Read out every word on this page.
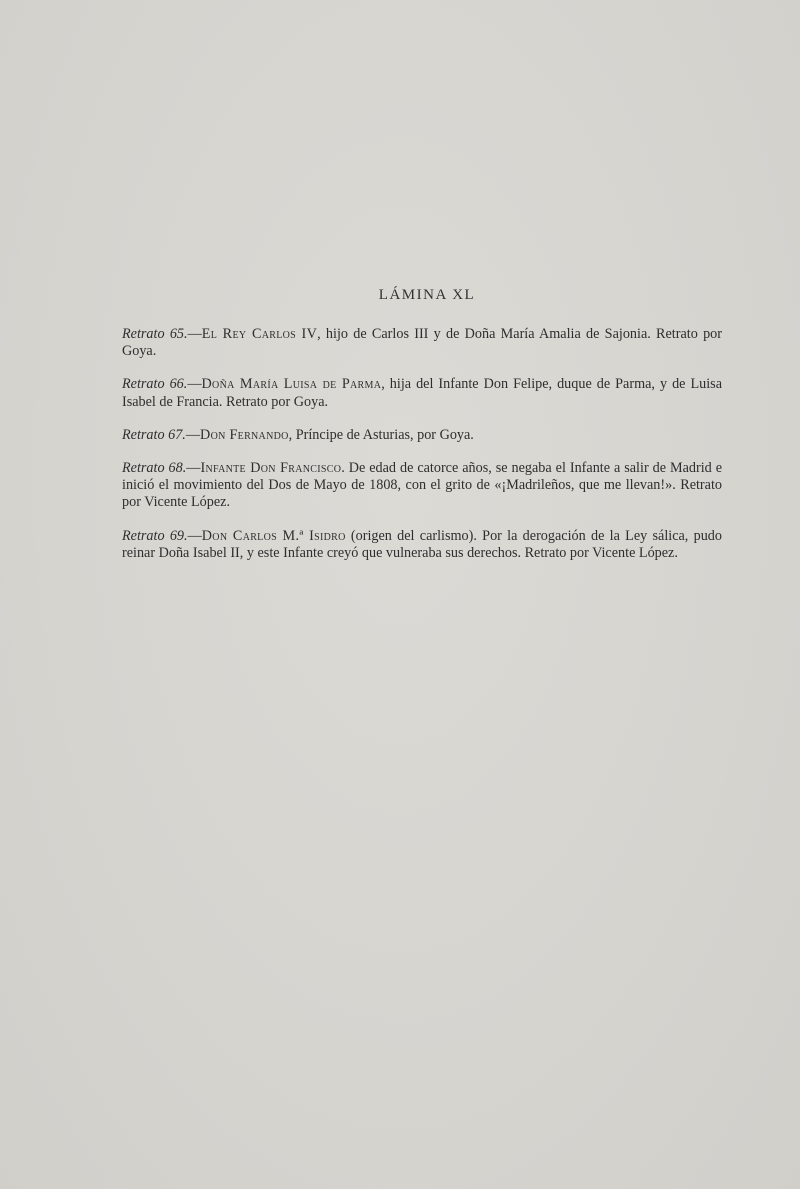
LÁMINA XL
Retrato 65.—El Rey Carlos IV, hijo de Carlos III y de Doña María Amalia de Sajonia. Retrato por Goya.
Retrato 66.—Doña María Luisa de Parma, hija del Infante Don Felipe, duque de Parma, y de Luisa Isabel de Francia. Retrato por Goya.
Retrato 67.—Don Fernando, Príncipe de Asturias, por Goya.
Retrato 68.—Infante Don Francisco. De edad de catorce años, se negaba el Infante a salir de Madrid e inició el movimiento del Dos de Mayo de 1808, con el grito de «¡Madrileños, que me llevan!». Retrato por Vicente López.
Retrato 69.—Don Carlos M.ª Isidro (origen del carlismo). Por la derogación de la Ley sálica, pudo reinar Doña Isabel II, y este Infante creyó que vulneraba sus derechos. Retrato por Vicente López.
